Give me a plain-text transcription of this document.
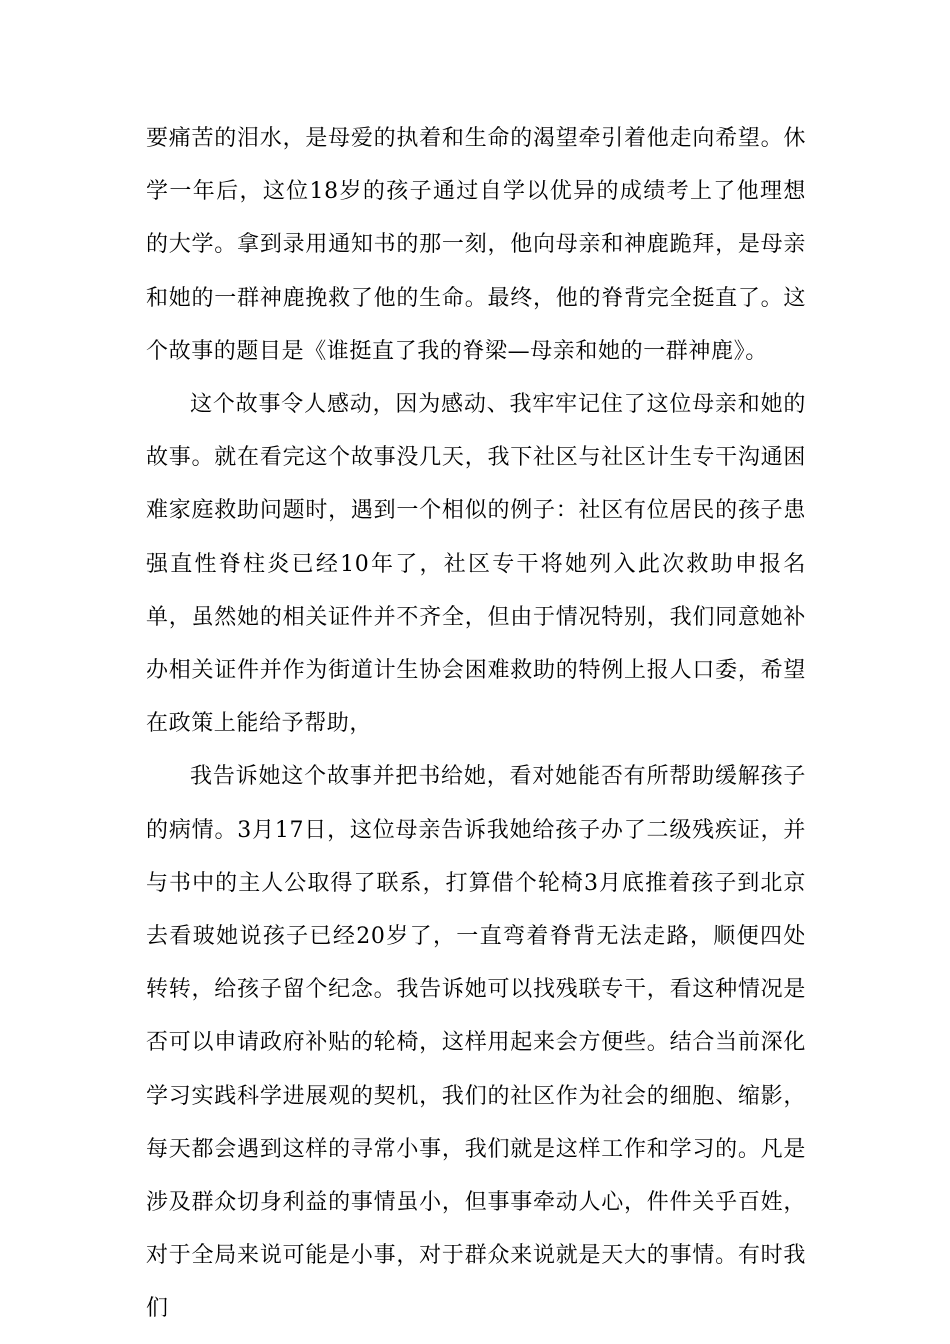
要痛苦的泪水，是母爱的执着和生命的渴望牵引着他走向希望。休学一年后，这位18岁的孩子通过自学以优异的成绩考上了他理想的大学。拿到录用通知书的那一刻，他向母亲和神鹿跪拜，是母亲和她的一群神鹿挽救了他的生命。最终，他的脊背完全挺直了。这个故事的题目是《谁挺直了我的脊梁—母亲和她的一群神鹿》。

这个故事令人感动，因为感动、我牢牢记住了这位母亲和她的故事。就在看完这个故事没几天，我下社区与社区计生专干沟通困难家庭救助问题时，遇到一个相似的例子：社区有位居民的孩子患强直性脊柱炎已经10年了，社区专干将她列入此次救助申报名单，虽然她的相关证件并不齐全，但由于情况特别，我们同意她补办相关证件并作为街道计生协会困难救助的特例上报人口委，希望在政策上能给予帮助，

我告诉她这个故事并把书给她，看对她能否有所帮助缓解孩子的病情。3月17日，这位母亲告诉我她给孩子办了二级残疾证，并与书中的主人公取得了联系，打算借个轮椅3月底推着孩子到北京去看玻她说孩子已经20岁了，一直弯着脊背无法走路，顺便四处转转，给孩子留个纪念。我告诉她可以找残联专干，看这种情况是否可以申请政府补贴的轮椅，这样用起来会方便些。结合当前深化学习实践科学进展观的契机，我们的社区作为社会的细胞、缩影，每天都会遇到这样的寻常小事，我们就是这样工作和学习的。凡是涉及群众切身利益的事情虽小，但事事牵动人心，件件关乎百姓，对于全局来说可能是小事，对于群众来说就是天大的事情。有时我们
